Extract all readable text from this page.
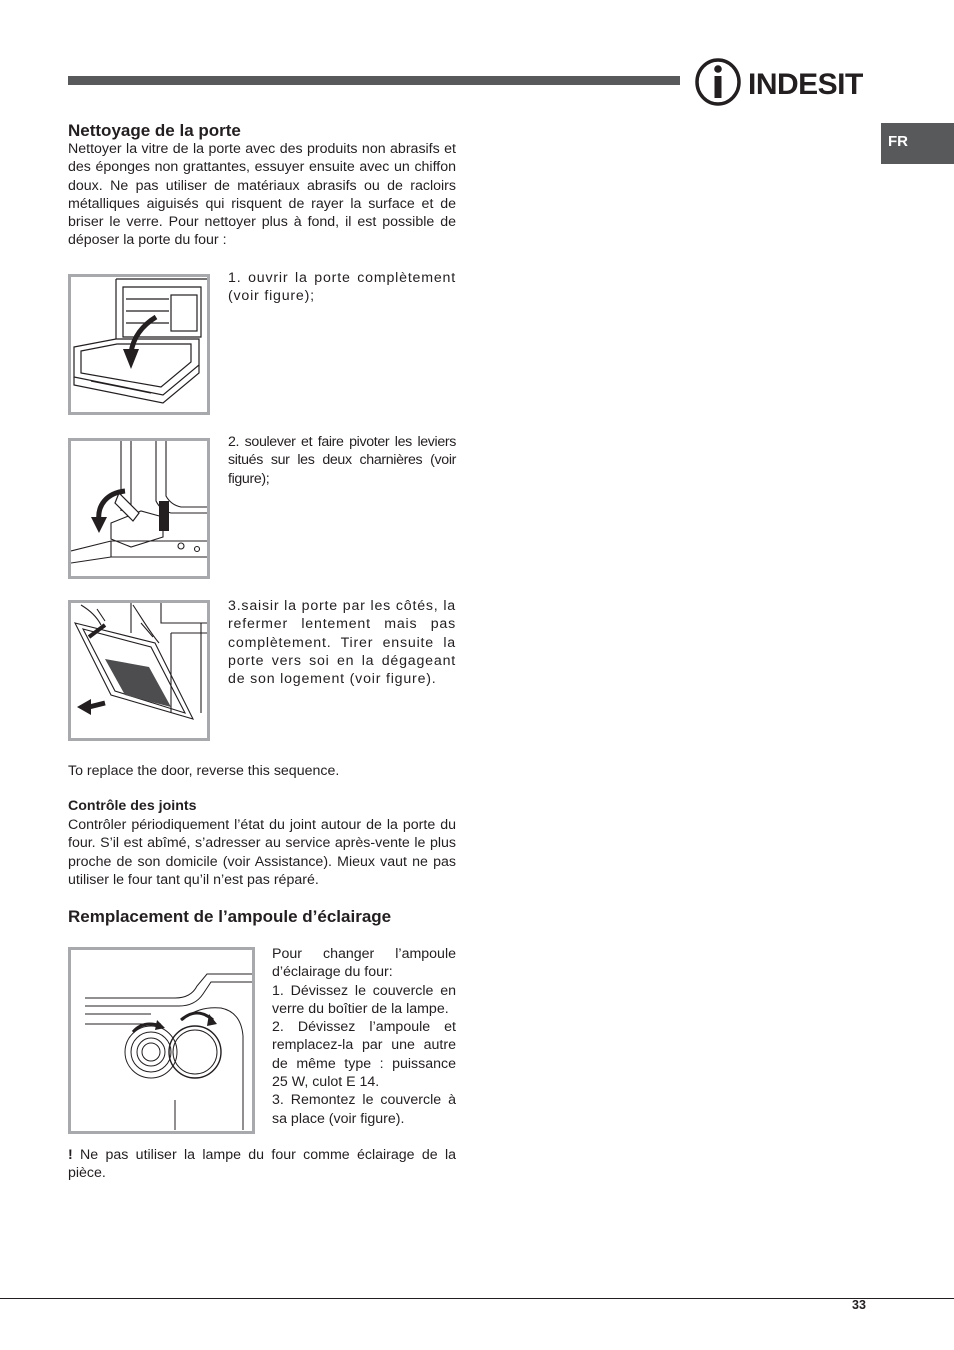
INDESIT
FR
Nettoyage de la porte
Nettoyer la vitre de la porte avec des produits non abrasifs et des éponges non grattantes, essuyer ensuite avec un chiffon doux. Ne pas utiliser de matériaux abrasifs ou de racloirs métalliques aiguisés qui risquent de rayer la surface et de briser le verre. Pour nettoyer plus à fond, il est possible de déposer la porte du four :
1. ouvrir la porte complètement (voir figure);
2. soulever et faire pivoter les leviers situés sur les deux charnières (voir figure);
3.saisir la porte par les côtés, la refermer lentement mais pas complètement. Tirer ensuite la porte vers soi en la dégageant de son logement (voir figure).
To replace the door, reverse this sequence.
Contrôle des joints
Contrôler périodiquement l’état du joint autour de la porte du four. S’il est abîmé, s’adresser au service après-vente le plus proche de son domicile (voir Assistance). Mieux vaut ne pas utiliser le four tant qu’il n’est pas réparé.
Remplacement de l’ampoule d’éclairage
Pour changer l’ampoule d’éclairage du four:
1. Dévissez le couvercle en verre du boîtier de la lampe.
2. Dévissez l’ampoule et remplacez-la par une autre de même type : puissance 25 W, culot E 14.
3. Remontez le couvercle à sa place (voir figure).
! Ne pas utiliser la lampe du four comme éclairage de la pièce.
33
